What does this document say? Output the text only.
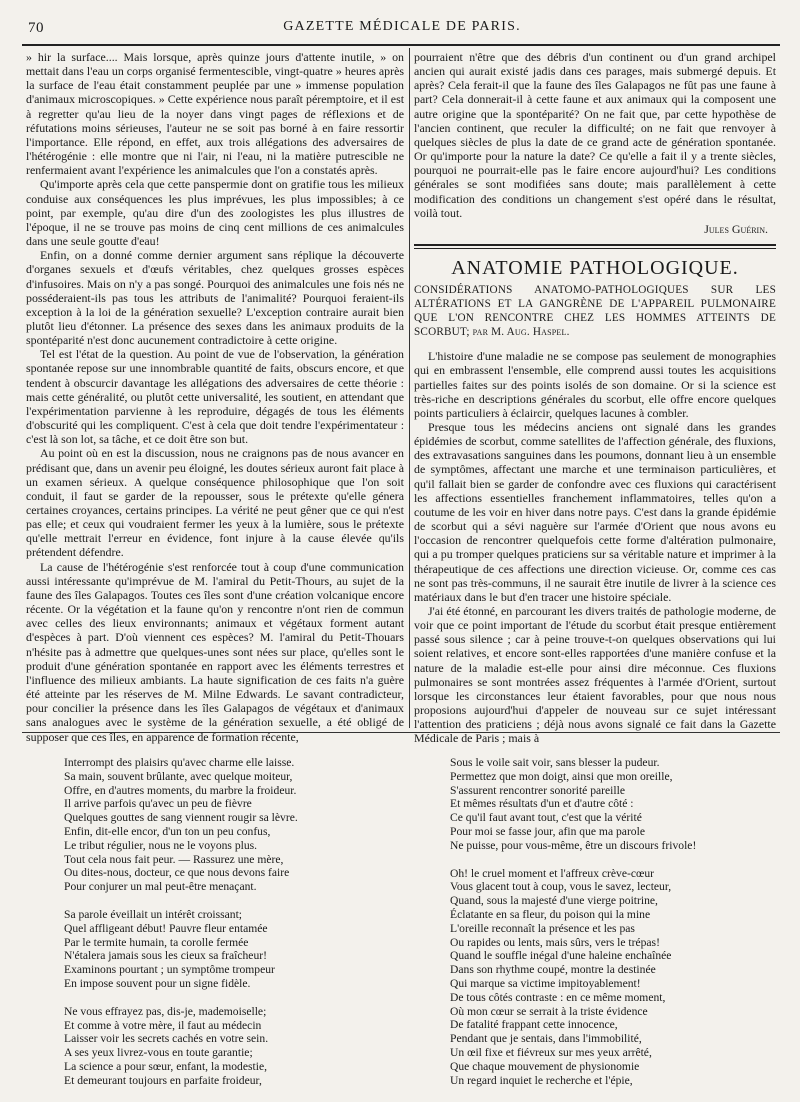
70	GAZETTE MÉDICALE DE PARIS.

» hir la surface.... Mais lorsque, après quinze jours d'attente inutile, » on mettait dans l'eau un corps organisé fermentescible, vingt-quatre » heures après la surface de l'eau était constamment peuplée par une » immense population d'animaux microscopiques. » Cette expérience nous paraît péremptoire, et il est à regretter qu'au lieu de la noyer dans vingt pages de réflexions et de réfutations moins sérieuses, l'auteur ne se soit pas borné à en faire ressortir l'importance. Elle répond, en effet, aux trois allégations des adversaires de l'hétérogénie : elle montre que ni l'air, ni l'eau, ni la matière putrescible ne renfermaient avant l'expérience les animalcules que l'on a constatés après.

Qu'importe après cela que cette panspermie dont on gratifie tous les milieux conduise aux conséquences les plus imprévues, les plus impossibles; à ce point, par exemple, qu'au dire d'un des zoologistes les plus illustres de l'époque, il ne se trouve pas moins de cinq cent millions de ces animalcules dans une seule goutte d'eau!

Enfin, on a donné comme dernier argument sans réplique la découverte d'organes sexuels et d'œufs véritables, chez quelques grosses espèces d'infusoires. Mais on n'y a pas songé. Pourquoi des animalcules une fois nés ne posséderaient-ils pas tous les attributs de l'animalité? Pourquoi feraient-ils exception à la loi de la génération sexuelle? L'exception contraire aurait bien plutôt lieu d'étonner. La présence des sexes dans les animaux produits de la spontéparité n'est donc aucunement contradictoire à cette origine.

Tel est l'état de la question. Au point de vue de l'observation, la génération spontanée repose sur une innombrable quantité de faits, obscurs encore, et que tendent à obscurcir davantage les allégations des adversaires de cette théorie : mais cette généralité, ou plutôt cette universalité, les soutient, en attendant que l'expérimentation parvienne à les reproduire, dégagés de tous les éléments d'obscurité qui les compliquent. C'est à cela que doit tendre l'expérimentateur : c'est là son lot, sa tâche, et ce doit être son but.

Au point où en est la discussion, nous ne craignons pas de nous avancer en prédisant que, dans un avenir peu éloigné, les doutes sérieux auront fait place à un examen sérieux. A quelque conséquence philosophique que l'on soit conduit, il faut se garder de la repousser, sous le prétexte qu'elle génera certaines croyances, certains principes. La vérité ne peut gêner que ce qui n'est pas elle; et ceux qui voudraient fermer les yeux à la lumière, sous le prétexte qu'elle mettrait l'erreur en évidence, font injure à la cause élevée qu'ils prétendent défendre.

La cause de l'hétérogénie s'est renforcée tout à coup d'une communication aussi intéressante qu'imprévue de M. l'amiral du Petit-Thours, au sujet de la faune des îles Galapagos. Toutes ces îles sont d'une création volcanique encore récente. Or la végétation et la faune qu'on y rencontre n'ont rien de commun avec celles des lieux environnants; animaux et végétaux forment autant d'espèces à part. D'où viennent ces espèces? M. l'amiral du Petit-Thouars n'hésite pas à admettre que quelques-unes sont nées sur place, qu'elles sont le produit d'une génération spontanée en rapport avec les éléments terrestres et l'influence des milieux ambiants. La haute signification de ces faits n'a guère été atteinte par les réserves de M. Milne Edwards. Le savant contradicteur, pour concilier la présence dans les îles Galapagos de végétaux et d'animaux sans analogues avec le système de la génération sexuelle, a été obligé de supposer que ces îles, en apparence de formation récente,

pourraient n'être que des débris d'un continent ou d'un grand archipel ancien qui aurait existé jadis dans ces parages, mais submergé depuis. Et après? Cela ferait-il que la faune des îles Galapagos ne fût pas une faune à part? Cela donnerait-il à cette faune et aux animaux qui la composent une autre origine que la spontéparité? On ne fait que, par cette hypothèse de l'ancien continent, que reculer la difficulté; on ne fait que renvoyer à quelques siècles de plus la date de ce grand acte de génération spontanée. Or qu'importe pour la nature la date? Ce qu'elle a fait il y a trente siècles, pourquoi ne pourrait-elle pas le faire encore aujourd'hui? Les conditions générales se sont modifiées sans doute; mais parallèlement à cette modification des conditions un changement s'est opéré dans le résultat, voilà tout.

Jules Guérin.
ANATOMIE PATHOLOGIQUE.
CONSIDÉRATIONS ANATOMO-PATHOLOGIQUES SUR LES ALTÉRATIONS ET LA GANGRÈNE DE L'APPAREIL PULMONAIRE QUE L'ON RENCONTRE CHEZ LES HOMMES ATTEINTS DE SCORBUT; par M. Aug. Haspel.

L'histoire d'une maladie ne se compose pas seulement de monographies qui en embrassent l'ensemble, elle comprend aussi toutes les acquisitions partielles faites sur des points isolés de son domaine. Or si la science est très-riche en descriptions générales du scorbut, elle offre encore quelques points particuliers à éclaircir, quelques lacunes à combler.

Presque tous les médecins anciens ont signalé dans les grandes épidémies de scorbut, comme satellites de l'affection générale, des fluxions, des extravasations sanguines dans les poumons, donnant lieu à un ensemble de symptômes, affectant une marche et une terminaison particulières, et qu'il fallait bien se garder de confondre avec ces fluxions qui caractérisent les affections essentielles franchement inflammatoires, telles qu'on a coutume de les voir en hiver dans notre pays. C'est dans la grande épidémie de scorbut qui a sévi naguère sur l'armée d'Orient que nous avons eu l'occasion de rencontrer quelquefois cette forme d'altération pulmonaire, qui a pu tromper quelques praticiens sur sa véritable nature et imprimer à la thérapeutique de ces affections une direction vicieuse. Or, comme ces cas ne sont pas très-communs, il ne saurait être inutile de livrer à la science ces matériaux dans le but d'en tracer une histoire spéciale.

J'ai été étonné, en parcourant les divers traités de pathologie moderne, de voir que ce point important de l'étude du scorbut était presque entièrement passé sous silence ; car à peine trouve-t-on quelques observations qui lui soient relatives, et encore sont-elles rapportées d'une manière confuse et la nature de la maladie est-elle pour ainsi dire méconnue. Ces fluxions pulmonaires se sont montrées assez fréquentes à l'armée d'Orient, surtout lorsque les circonstances leur étaient favorables, pour que nous nous proposions aujourd'hui d'appeler de nouveau sur ce sujet intéressant l'attention des praticiens ; déjà nous avons signalé ce fait dans la Gazette Médicale de Paris ; mais à

Interrompt des plaisirs qu'avec charme elle laisse.
Sa main, souvent brûlante, avec quelque moiteur,
Offre, en d'autres moments, du marbre la froideur.
Il arrive parfois qu'avec un peu de fièvre
Quelques gouttes de sang viennent rougir sa lèvre.
Enfin, dit-elle encor, d'un ton un peu confus,
Le tribut régulier, nous ne le voyons plus.
Tout cela nous fait peur. — Rassurez une mère,
Ou dites-nous, docteur, ce que nous devons faire
Pour conjurer un mal peut-être menaçant.
Sa parole éveillait un intérêt croissant;
Quel affligeant début! Pauvre fleur entamée
Par le termite humain, ta corolle fermée
N'étalera jamais sous les cieux sa fraîcheur!
Examinons pourtant ; un symptôme trompeur
En impose souvent pour un signe fidèle.
Ne vous effrayez pas, dis-je, mademoiselle;
Et comme à votre mère, il faut au médecin
Laisser voir les secrets cachés en votre sein.
A ses yeux livrez-vous en toute garantie;
La science a pour sœur, enfant, la modestie,
Et demeurant toujours en parfaite froideur,
Sous le voile sait voir, sans blesser la pudeur.
Permettez que mon doigt, ainsi que mon oreille,
S'assurent rencontrer sonorité pareille
Et mêmes résultats d'un et d'autre côté :
Ce qu'il faut avant tout, c'est que la vérité
Pour moi se fasse jour, afin que ma parole
Ne puisse, pour vous-même, être un discours frivole!
Oh! le cruel moment et l'affreux crève-cœur
Vous glacent tout à coup, vous le savez, lecteur,
Quand, sous la majesté d'une vierge poitrine,
Éclatante en sa fleur, du poison qui la mine
L'oreille reconnaît la présence et les pas
Ou rapides ou lents, mais sûrs, vers le trépas!
Quand le souffle inégal d'une haleine enchaînée
Dans son rhythme coupé, montre la destinée
Qui marque sa victime impitoyablement!
De tous côtés contraste : en ce même moment,
Où mon cœur se serrait à la triste évidence
De fatalité frappant cette innocence,
Pendant que je sentais, dans l'immobilité,
Un œil fixe et fiévreux sur mes yeux arrêté,
Que chaque mouvement de physionomie
Un regard inquiet le recherche et l'épie,
